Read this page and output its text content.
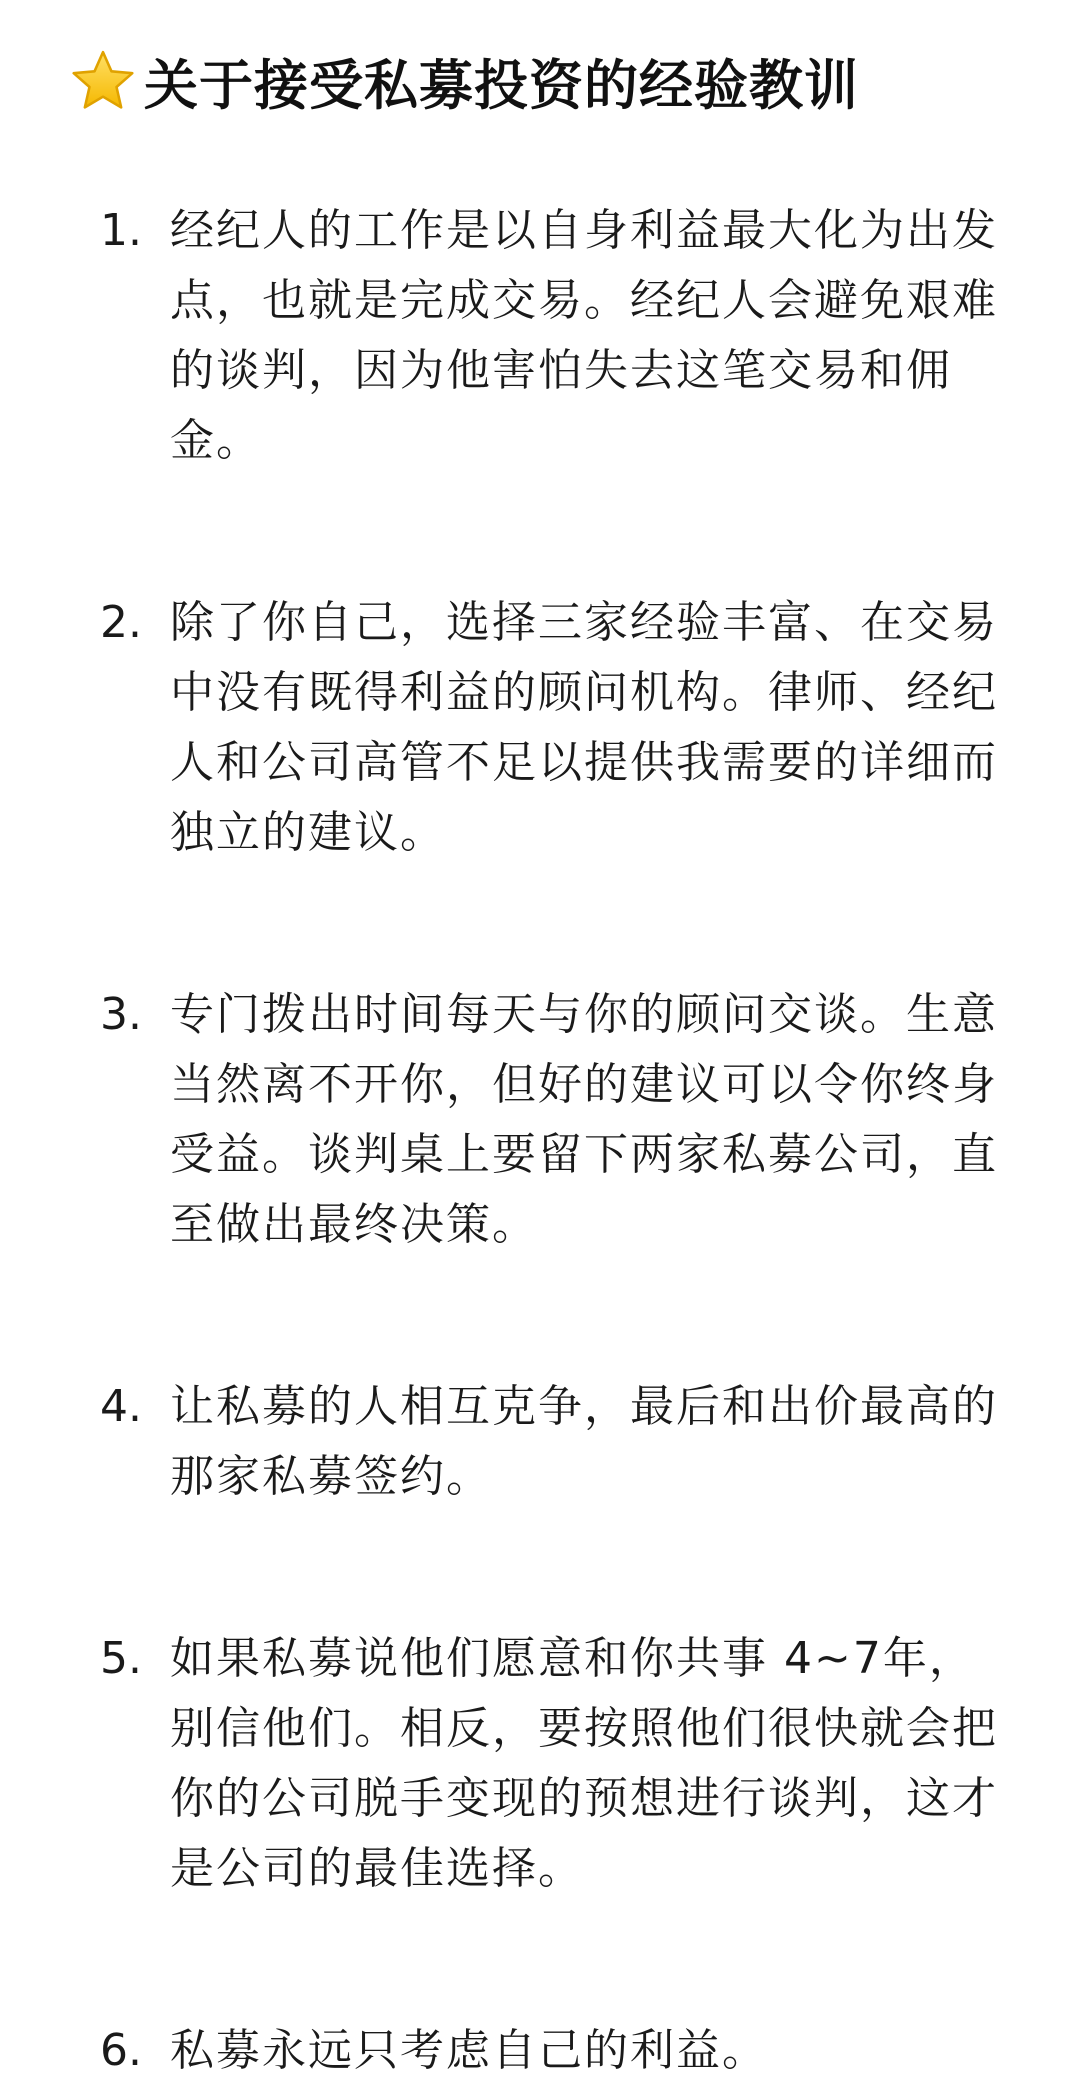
关于接受私募投资的经验教训
1. 经纪人的工作是以自身利益最大化为出发点，也就是完成交易。经纪人会避免艰难的谈判，因为他害怕失去这笔交易和佣金。
2. 除了你自己，选择三家经验丰富、在交易中没有既得利益的顾问机构。律师、经纪人和公司高管不足以提供我需要的详细而独立的建议。
3. 专门拨出时间每天与你的顾问交谈。生意当然离不开你，但好的建议可以令你终身受益。谈判桌上要留下两家私募公司，直至做出最终决策。
4. 让私募的人相互克争，最后和出价最高的那家私募签约。
5. 如果私募说他们愿意和你共事 4~7年，别信他们。相反，要按照他们很快就会把你的公司脱手变现的预想进行谈判，这才是公司的最佳选择。
6. 私募永远只考虑自己的利益。
